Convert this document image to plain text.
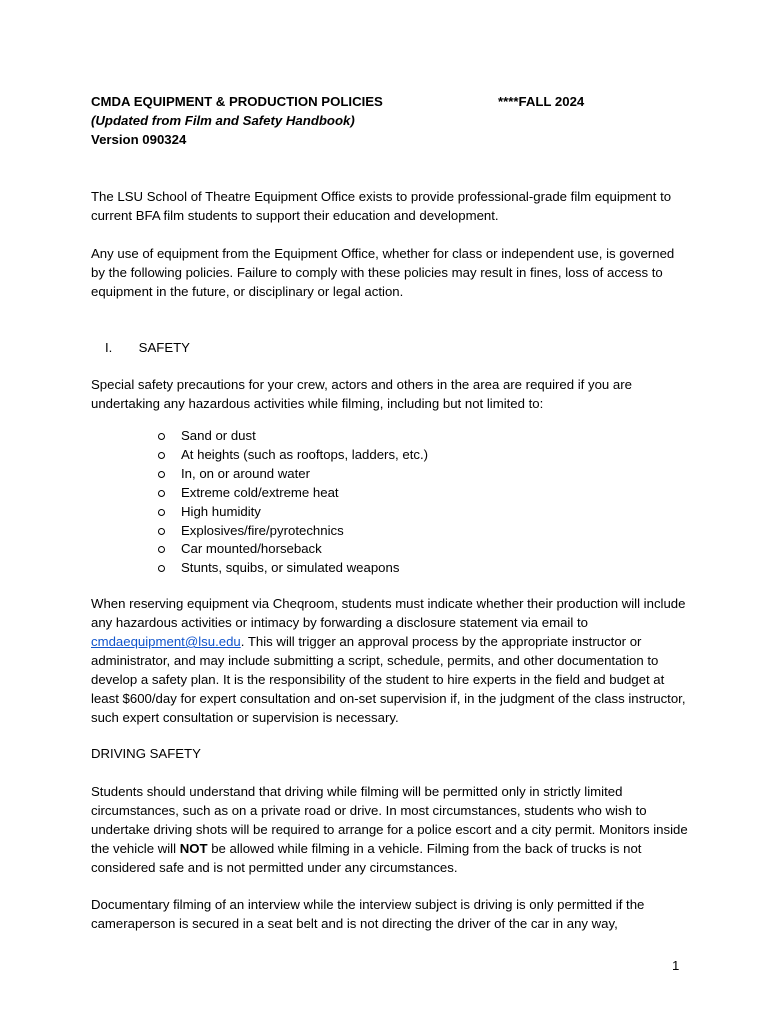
CMDA EQUIPMENT & PRODUCTION POLICIES	****FALL 2024
(Updated from Film and Safety Handbook)
Version 090324

The LSU School of Theatre Equipment Office exists to provide professional-grade film equipment to current BFA film students to support their education and development.

Any use of equipment from the Equipment Office, whether for class or independent use, is governed by the following policies. Failure to comply with these policies may result in fines, loss of access to equipment in the future, or disciplinary or legal action.

I. SAFETY

Special safety precautions for your crew, actors and others in the area are required if you are undertaking any hazardous activities while filming, including but not limited to:

Sand or dust
At heights (such as rooftops, ladders, etc.)
In, on or around water
Extreme cold/extreme heat
High humidity
Explosives/fire/pyrotechnics
Car mounted/horseback
Stunts, squibs, or simulated weapons

When reserving equipment via Cheqroom, students must indicate whether their production will include any hazardous activities or intimacy by forwarding a disclosure statement via email to cmdaequipment@lsu.edu. This will trigger an approval process by the appropriate instructor or administrator, and may include submitting a script, schedule, permits, and other documentation to develop a safety plan. It is the responsibility of the student to hire experts in the field and budget at least $600/day for expert consultation and on-set supervision if, in the judgment of the class instructor, such expert consultation or supervision is necessary.

DRIVING SAFETY

Students should understand that driving while filming will be permitted only in strictly limited circumstances, such as on a private road or drive. In most circumstances, students who wish to undertake driving shots will be required to arrange for a police escort and a city permit. Monitors inside the vehicle will NOT be allowed while filming in a vehicle. Filming from the back of trucks is not considered safe and is not permitted under any circumstances.

Documentary filming of an interview while the interview subject is driving is only permitted if the cameraperson is secured in a seat belt and is not directing the driver of the car in any way,

1
